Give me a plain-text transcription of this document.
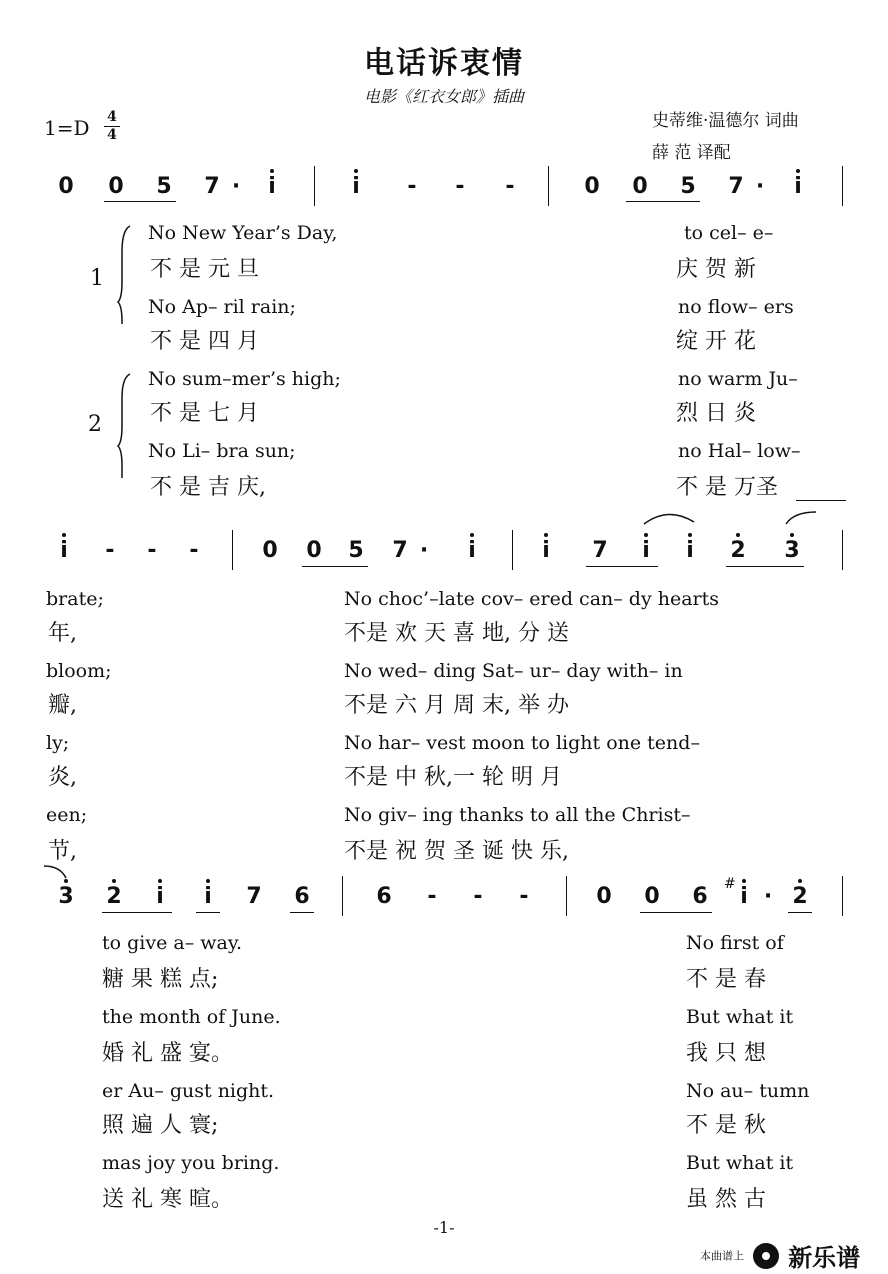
电话诉衷情
电影《红衣女郎》插曲
史蒂维·温德尔 词曲
薛 范 译配
1=D	4
4
0 0 5 7 · i	i - - -	0 0 5 7 · i
1
2
No New Year’s Day,	to cel– e–
不 是 元 旦	庆 贺 新
No Ap– ril rain;	no flow– ers
不 是 四 月	绽 开 花
No sum–mer’s high;	no warm Ju–
不 是 七 月	烈 日 炎
No Li– bra sun;	no Hal– low–
不 是 吉 庆,	不 是 万圣
i - - -	0 0 5 7 · i	i 7 i i 2 3
brate;	No choc’–late cov– ered can– dy hearts
年,	不是 欢 天 喜 地, 分 送
bloom;	No wed– ding Sat– ur– day with– in
瓣,	不是 六 月 周 末, 举 办
ly;	No har– vest moon to light one tend–
炎,	不是 中 秋,一 轮 明 月
een;	No giv– ing thanks to all the Christ–
节,	不是 祝 贺 圣 诞 快 乐,
3 2 i i 7 6	6 - - -	0 0 6 # i · 2
to give a– way.	No first of
糖 果 糕 点;	不 是 春
the month of June.	But what it
婚 礼 盛 宴。	我 只 想
er Au– gust night.	No au– tumn
照 遍 人 寰;	不 是 秋
mas joy you bring.	But what it
送 礼 寒 暄。	虽 然 古
-1-
本曲谱上 新乐谱
